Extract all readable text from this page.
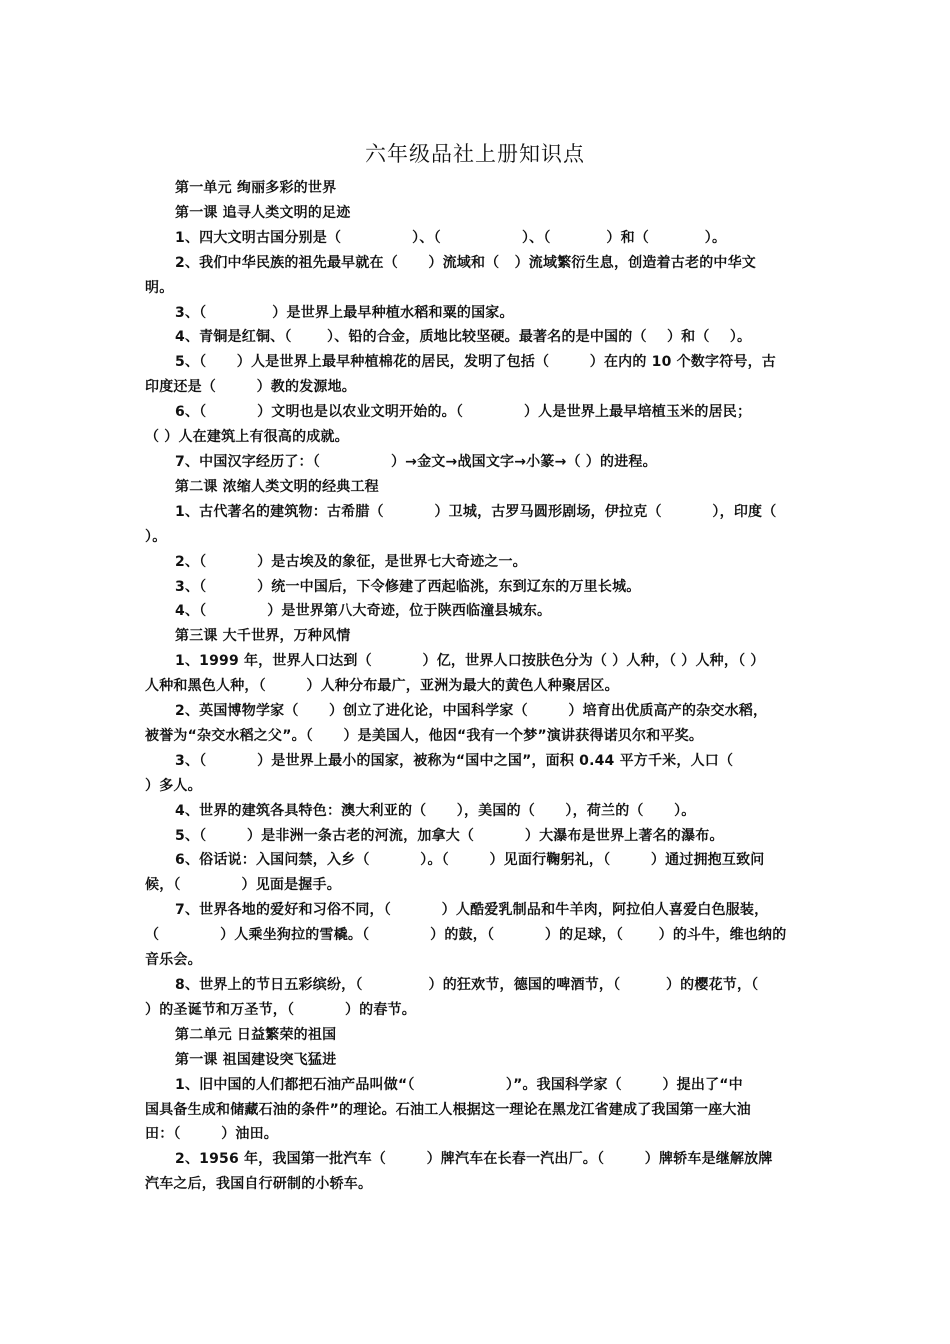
六年级品社上册知识点

第一单元 绚丽多彩的世界

第一课 追寻人类文明的足迹

1、四大文明古国分别是（              ）、（                ）、（           ）和（           ）。

2、我们中华民族的祖先最早就在（      ）流域和（   ）流域繁衍生息，创造着古老的中华文

明。

3、（             ）是世界上最早种植水稻和粟的国家。

4、青铜是红铜、（       ）、铅的合金，质地比较坚硬。最著名的是中国的（    ）和（    ）。

5、（      ）人是世界上最早种植棉花的居民，发明了包括（        ）在内的 10 个数字符号，古

印度还是（        ）教的发源地。

6、（          ）文明也是以农业文明开始的。（            ）人是世界上最早培植玉米的居民；

（ ）人在建筑上有很高的成就。

7、中国汉字经历了：（              ）→金文→战国文字→小篆→（ ）的进程。

第二课 浓缩人类文明的经典工程

1、古代著名的建筑物：古希腊（          ）卫城，古罗马圆形剧场，伊拉克（          ），印度（

）。

2、（          ）是古埃及的象征，是世界七大奇迹之一。

3、（          ）统一中国后，下令修建了西起临洮，东到辽东的万里长城。

4、（            ）是世界第八大奇迹，位于陕西临潼县城东。

第三课 大千世界，万种风情

1、1999 年，世界人口达到（          ）亿，世界人口按肤色分为（ ）人种，（ ）人种，（ ）

人种和黑色人种，（        ）人种分布最广，亚洲为最大的黄色人种聚居区。

2、英国博物学家（      ）创立了进化论，中国科学家（        ）培育出优质高产的杂交水稻，

被誉为“杂交水稻之父”。（      ）是美国人，他因“我有一个梦”演讲获得诺贝尔和平奖。

3、（          ）是世界上最小的国家，被称为“国中之国”，面积 0.44 平方千米，人口（

）多人。

4、世界的建筑各具特色：澳大利亚的（      ），美国的（      ），荷兰的（      ）。

5、（        ）是非洲一条古老的河流，加拿大（          ）大瀑布是世界上著名的瀑布。

6、俗话说：入国问禁，入乡（          ）。（        ）见面行鞠躬礼，（        ）通过拥抱互致问

候，（            ）见面是握手。

7、世界各地的爱好和习俗不同，（          ）人酷爱乳制品和牛羊肉，阿拉伯人喜爱白色服装，

（            ）人乘坐狗拉的雪橇。（            ）的鼓，（          ）的足球，（       ）的斗牛，维也纳的

音乐会。

8、世界上的节日五彩缤纷，（             ）的狂欢节，德国的啤酒节，（         ）的樱花节，（

）的圣诞节和万圣节，（          ）的春节。

第二单元 日益繁荣的祖国

第一课 祖国建设突飞猛进

1、旧中国的人们都把石油产品叫做“（                  ）”。我国科学家（        ）提出了“中

国具备生成和储藏石油的条件”的理论。石油工人根据这一理论在黑龙江省建成了我国第一座大油

田：（        ）油田。

2、1956 年，我国第一批汽车（        ）牌汽车在长春一汽出厂。（        ）牌轿车是继解放牌

汽车之后，我国自行研制的小轿车。
